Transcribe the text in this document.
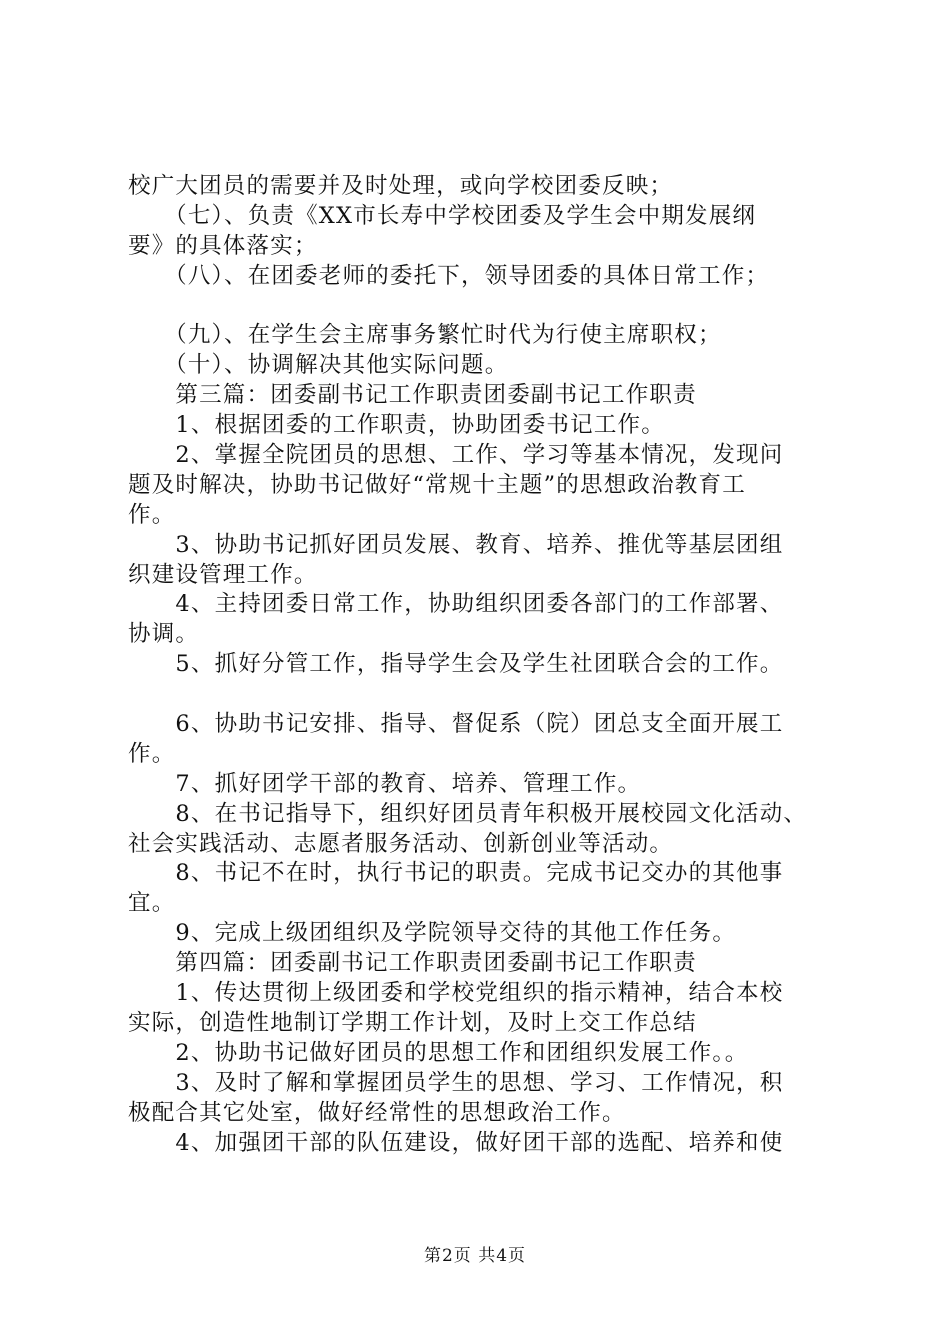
校广大团员的需要并及时处理，或向学校团委反映；
　　（七）、负责《XX市长寿中学校团委及学生会中期发展纲
要》的具体落实；
　　（八）、在团委老师的委托下，领导团委的具体日常工作；
　　（九）、在学生会主席事务繁忙时代为行使主席职权；
　　（十）、协调解决其他实际问题。
　　第三篇：团委副书记工作职责团委副书记工作职责
　　1、根据团委的工作职责，协助团委书记工作。
　　2、掌握全院团员的思想、工作、学习等基本情况，发现问
题及时解决，协助书记做好“常规十主题”的思想政治教育工
作。
　　3、协助书记抓好团员发展、教育、培养、推优等基层团组
织建设管理工作。
　　4、主持团委日常工作，协助组织团委各部门的工作部署、
协调。
　　5、抓好分管工作，指导学生会及学生社团联合会的工作。
　　6、协助书记安排、指导、督促系（院）团总支全面开展工
作。
　　7、抓好团学干部的教育、培养、管理工作。
　　8、在书记指导下，组织好团员青年积极开展校园文化活动、
社会实践活动、志愿者服务活动、创新创业等活动。
　　8、书记不在时，执行书记的职责。完成书记交办的其他事
宜。
　　9、完成上级团组织及学院领导交待的其他工作任务。
　　第四篇：团委副书记工作职责团委副书记工作职责
　　1、传达贯彻上级团委和学校党组织的指示精神，结合本校
实际，创造性地制订学期工作计划，及时上交工作总结
　　2、协助书记做好团员的思想工作和团组织发展工作。。
　　3、及时了解和掌握团员学生的思想、学习、工作情况，积
极配合其它处室，做好经常性的思想政治工作。
　　4、加强团干部的队伍建设，做好团干部的选配、培养和使
第2页 共4页
